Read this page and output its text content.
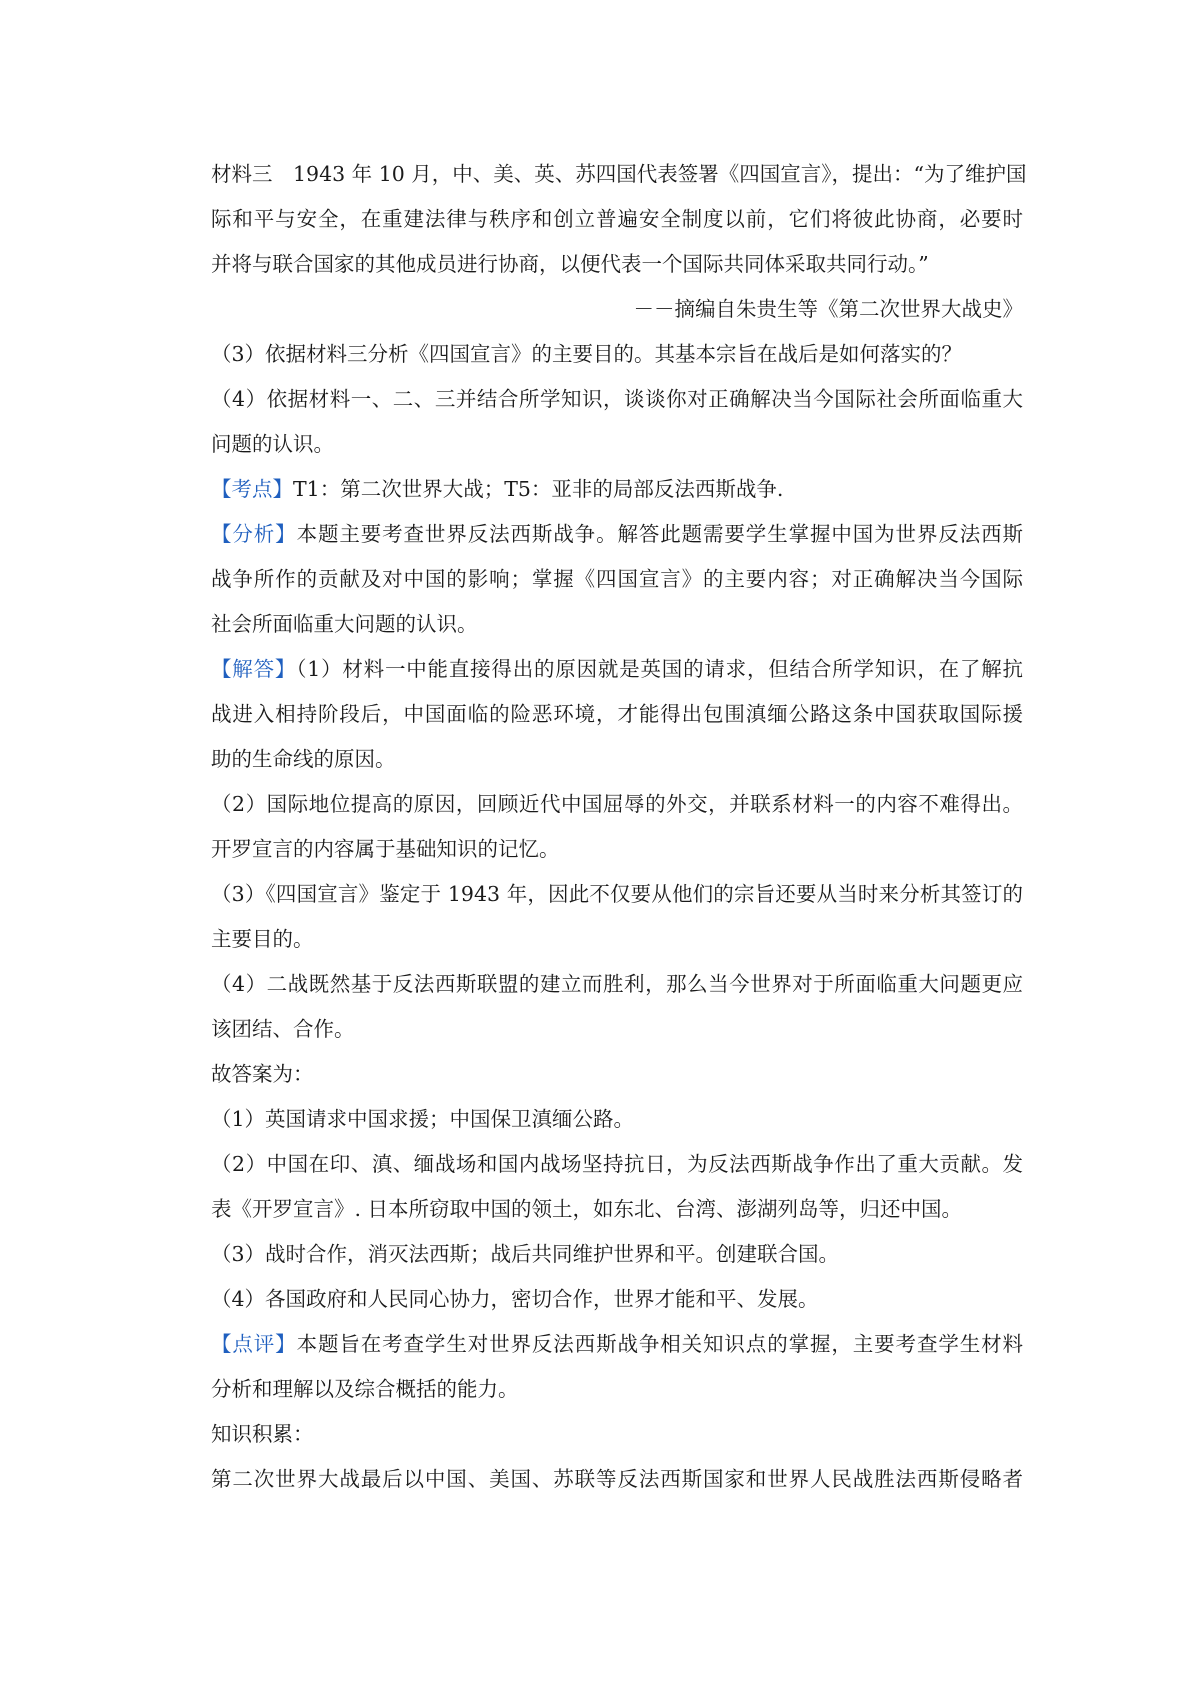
材料三　1943 年 10 月，中、美、英、苏四国代表签署《四国宣言》，提出：“为了维护国
际和平与安全，在重建法律与秩序和创立普遍安全制度以前，它们将彼此协商，必要时
并将与联合国家的其他成员进行协商，以便代表一个国际共同体采取共同行动。”
－－摘编自朱贵生等《第二次世界大战史》
（3）依据材料三分析《四国宣言》的主要目的。其基本宗旨在战后是如何落实的？
（4）依据材料一、二、三并结合所学知识，谈谈你对正确解决当今国际社会所面临重大
问题的认识。
【考点】T1：第二次世界大战；T5：亚非的局部反法西斯战争.
【分析】本题主要考查世界反法西斯战争。解答此题需要学生掌握中国为世界反法西斯
战争所作的贡献及对中国的影响；掌握《四国宣言》的主要内容；对正确解决当今国际
社会所面临重大问题的认识。
【解答】（1）材料一中能直接得出的原因就是英国的请求，但结合所学知识，在了解抗
战进入相持阶段后，中国面临的险恶环境，才能得出包围滇缅公路这条中国获取国际援
助的生命线的原因。
（2）国际地位提高的原因，回顾近代中国屈辱的外交，并联系材料一的内容不难得出。
开罗宣言的内容属于基础知识的记忆。
（3）《四国宣言》鉴定于 1943 年，因此不仅要从他们的宗旨还要从当时来分析其签订的
主要目的。
（4）二战既然基于反法西斯联盟的建立而胜利，那么当今世界对于所面临重大问题更应
该团结、合作。
故答案为：
（1）英国请求中国求援；中国保卫滇缅公路。
（2）中国在印、滇、缅战场和国内战场坚持抗日，为反法西斯战争作出了重大贡献。发
表《开罗宣言》. 日本所窃取中国的领土，如东北、台湾、澎湖列岛等，归还中国。
（3）战时合作，消灭法西斯；战后共同维护世界和平。创建联合国。
（4）各国政府和人民同心协力，密切合作，世界才能和平、发展。
【点评】本题旨在考查学生对世界反法西斯战争相关知识点的掌握，主要考查学生材料
分析和理解以及综合概括的能力。
知识积累：
第二次世界大战最后以中国、美国、苏联等反法西斯国家和世界人民战胜法西斯侵略者
